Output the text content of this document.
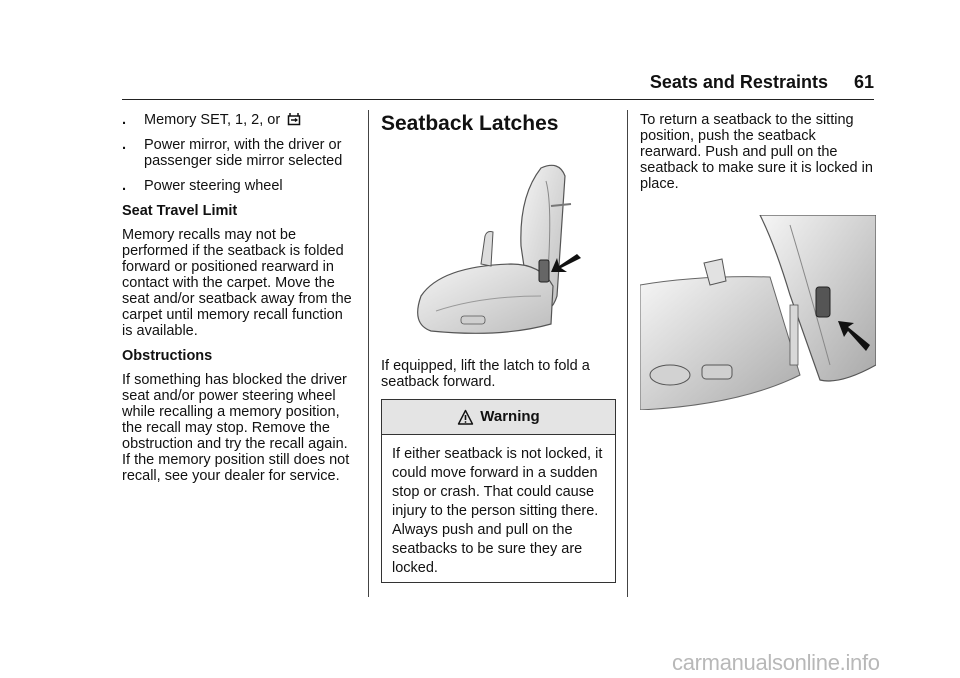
Seats and Restraints 61
.	Memory SET, 1, 2, or
.	Power mirror, with the driver or passenger side mirror selected
.	Power steering wheel
Seat Travel Limit

Memory recalls may not be performed if the seatback is folded forward or positioned rearward in contact with the carpet. Move the seat and/or seatback away from the carpet until memory recall function is available.

Obstructions

If something has blocked the driver seat and/or power steering wheel while recalling a memory position, the recall may stop. Remove the obstruction and try the recall again. If the memory position still does not recall, see your dealer for service.

Seatback Latches

If equipped, lift the latch to fold a seatback forward.

Warning
If either seatback is not locked, it could move forward in a sudden stop or crash. That could cause injury to the person sitting there. Always push and pull on the seatbacks to be sure they are locked.

To return a seatback to the sitting position, push the seatback rearward. Push and pull on the seatback to make sure it is locked in place.

carmanualsonline.info
